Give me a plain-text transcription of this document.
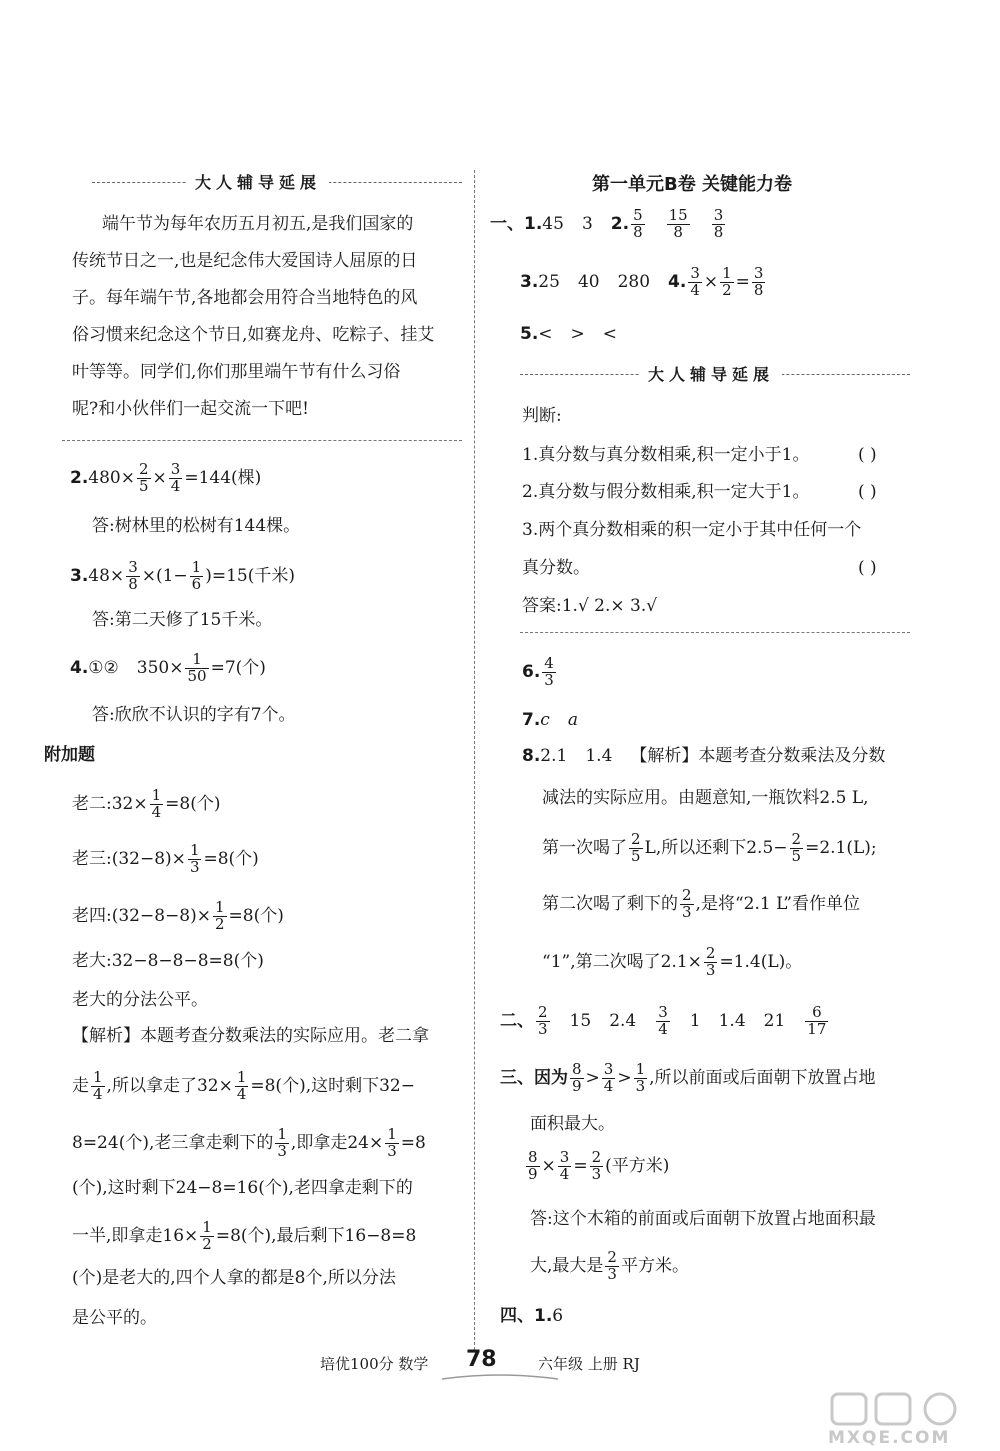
大人辅导延展
端午节为每年农历五月初五,是我们国家的
传统节日之一,也是纪念伟大爱国诗人屈原的日
子。每年端午节,各地都会用符合当地特色的风
俗习惯来纪念这个节日,如赛龙舟、吃粽子、挂艾
叶等等。同学们,你们那里端午节有什么习俗
呢?和小伙伴们一起交流一下吧!
$2.480\times \frac{2}{5} \times \frac{3}{4} =144$(棵)
答:树林里的松树有144棵。
$3.48\times \frac{3}{8} \times(1- \frac{1}{6} )=15$(千米)
答:第二天修了15千米。
4.①② $350\times \frac{1}{50} =7$(个)
答:欣欣不认识的字有7个。
附加题
老二:32× $\frac{1}{4} =8$(个)
老三:(32−8)× $\frac{1}{3} =8$(个)
老四:(32−8−8)× $\frac{1}{2} =8$(个)
老大:32−8−8−8=8(个)
老大的分法公平。
【解析】本题考查分数乘法的实际应用。老二拿
走 $\frac{1}{4}$ ,所以拿走了$32\times \frac{1}{4} =8$(个),这时剩下32−
8=24(个),老三拿走剩下的 $\frac{1}{3}$ ,即拿走$24\times \frac{1}{3} =8$
(个),这时剩下24−8=16(个),老四拿走剩下的
一半,即拿走$16\times \frac{1}{2} =8$(个),最后剩下16−8=8
(个)是老大的,四个人拿的都是8个,所以分法
是公平的。
第一单元B卷 关键能力卷
一、1.45 3 2. $\frac{5}{8} \frac{15}{8} \frac{3}{8}$
3.25 40 280 4. $\frac{3}{4} \times \frac{1}{2} = \frac{3}{8}$
5.< > <
大人辅导延展
判断:
1.真分数与真分数相乘,积一定小于1。	( )
2.真分数与假分数相乘,积一定大于1。	( )
3.两个真分数相乘的积一定小于其中任何一个
真分数。	( )
答案:1.√ 2.× 3.√
6. $\frac{4}{3}$
7.c a
8.2.1 1.4 【解析】本题考查分数乘法及分数
减法的实际应用。由题意知,一瓶饮料2.5 L,
第一次喝了 $\frac{2}{5} L$,所以还剩下$2.5- \frac{2}{5} =2.1(L)$;
第二次喝了剩下的 $\frac{2}{3}$ ,是将“2.1 L”看作单位
“1”,第二次喝了$2.1\times \frac{2}{3} =1.4(L)$。
二、 $\frac{2}{3} 15$ $2.4 \frac{3}{4} 1$ 1.4 $21 \frac{6}{17}$
三、因为 $\frac{8}{9} > \frac{3}{4} > \frac{1}{3}$ ,所以前面或后面朝下放置占地
面积最大。
$\frac{8}{9} \times \frac{3}{4} = \frac{2}{3}$ (平方米)
答:这个木箱的前面或后面朝下放置占地面积最
大,最大是 $\frac{2}{3}$ 平方米。
四、1.6
培优100分 数学 78	六年级 上册 RJ
MXQE.COM
